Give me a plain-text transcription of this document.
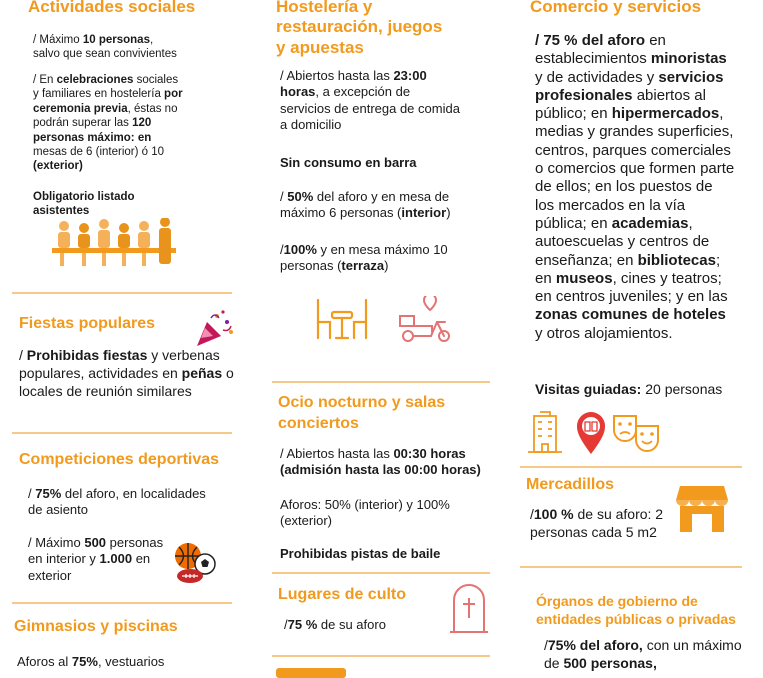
Actividades sociales
/ Máximo 10 personas,
salvo que sean convivientes
/ En celebraciones sociales y familiares en hostelería por ceremonia previa, éstas no podrán superar las 120 personas máximo: en mesas de 6 (interior) ó 10 (exterior)
Obligatorio listado asistentes
Fiestas populares
/ Prohibidas fiestas y verbenas populares, actividades en peñas o locales de reunión similares
Competiciones deportivas
/ 75% del aforo, en localidades de asiento
/ Máximo 500 personas en interior y 1.000 en exterior
Gimnasios y piscinas
Aforos al 75%, vestuarios
Hostelería y restauración, juegos y apuestas
/ Abiertos hasta las 23:00 horas, a excepción de servicios de entrega de comida a domicilio
Sin consumo en barra
/ 50% del aforo y en mesa de máximo 6 personas (interior)
/100% y en mesa máximo 10 personas (terraza)
Ocio nocturno y salas conciertos
/ Abiertos hasta las 00:30 horas (admisión hasta las 00:00 horas)
Aforos: 50% (interior) y 100% (exterior)
Prohibidas pistas de baile
Lugares de culto
/75 % de su aforo
Comercio y servicios
/ 75 % del aforo en establecimientos minoristas y de actividades y servicios profesionales abiertos al público; en hipermercados, medias y grandes superficies, centros, parques comerciales o comercios que formen parte de ellos; en los puestos de los mercados en la vía pública; en academias, autoescuelas y centros de enseñanza; en bibliotecas; en museos, cines y teatros; en centros juveniles; y en las zonas comunes de hoteles y otros alojamientos.
Visitas guiadas: 20 personas
Mercadillos
/100 % de su aforo: 2 personas cada 5 m2
Órganos de gobierno de entidades públicas o privadas
/75% del aforo, con un máximo de 500 personas,
